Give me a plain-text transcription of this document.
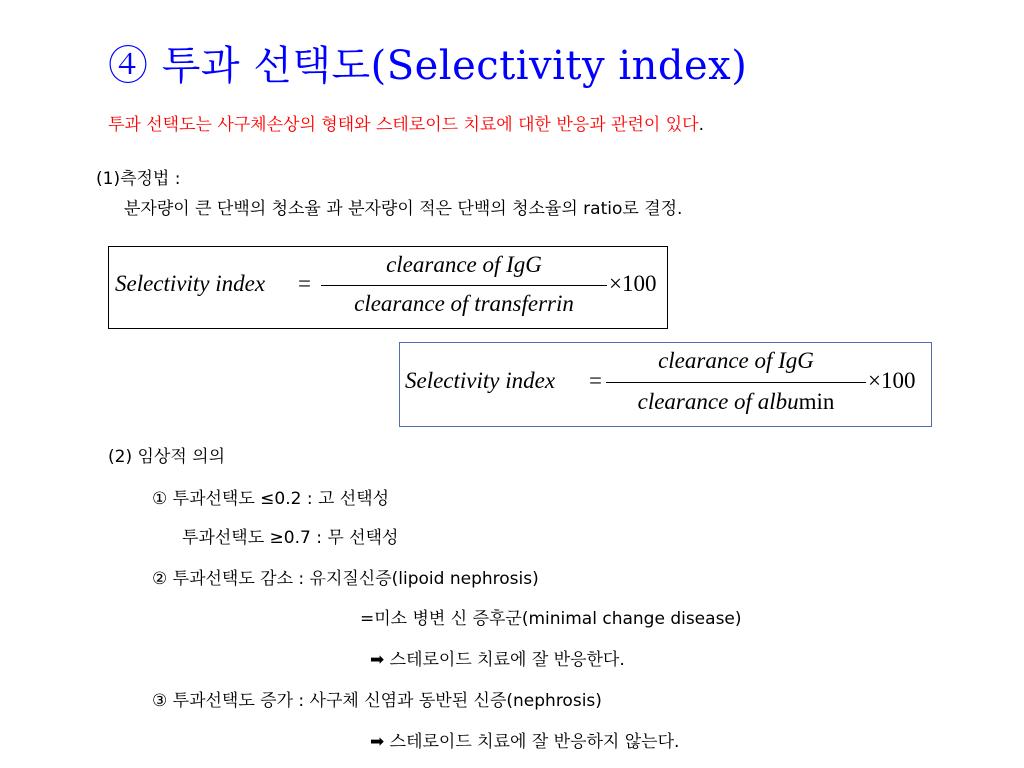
④ 투과 선택도(Selectivity index)
투과 선택도는 사구체손상의 형태와 스테로이드 치료에 대한 반응과 관련이 있다.
(1)측정법 :
분자량이 큰 단백의 청소율 과 분자량이 적은 단백의 청소율의 ratio로 결정.
Selectivity index =
clearance of IgG
clearance of transferrin
×100
Selectivity index =
clearance of IgG
clearance of albumin
×100
(2) 임상적 의의
① 투과선택도 ≤0.2 : 고 선택성
투과선택도 ≥0.7 : 무 선택성
② 투과선택도 감소 : 유지질신증(lipoid nephrosis)
=미소 병변 신 증후군(minimal change disease)
➡ 스테로이드 치료에 잘 반응한다.
③ 투과선택도 증가 : 사구체 신염과 동반된 신증(nephrosis)
➡ 스테로이드 치료에 잘 반응하지 않는다.
